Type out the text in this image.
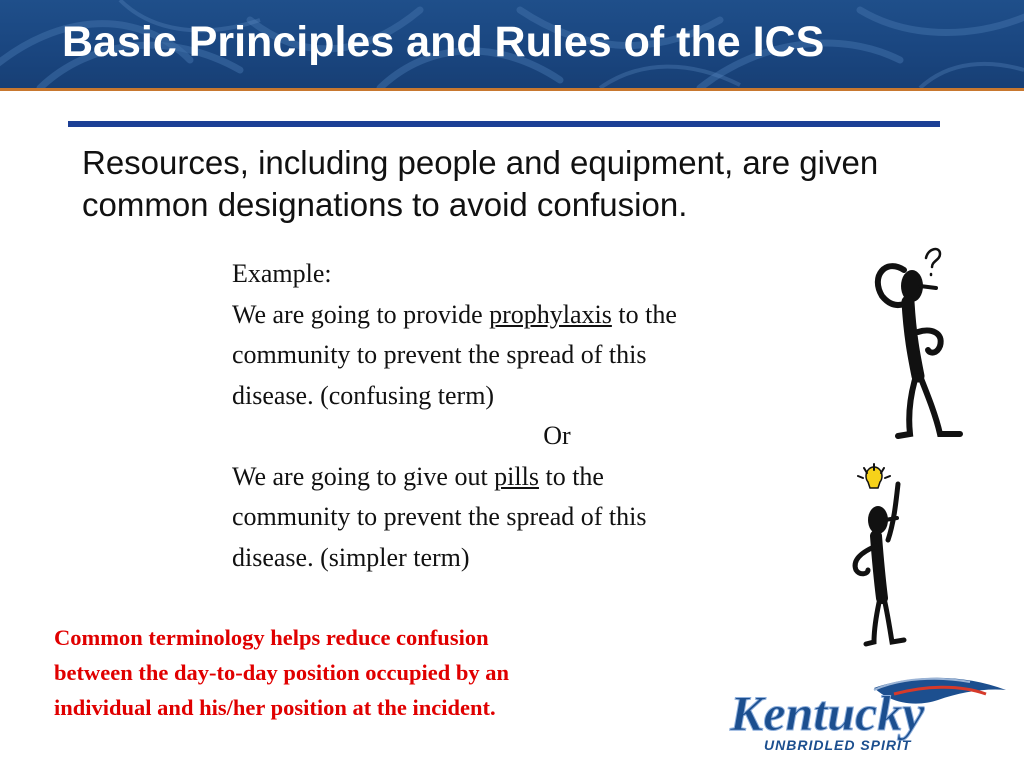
Basic Principles and Rules of the ICS
Resources, including people and equipment, are given common designations to avoid confusion.
Example:
We are going to provide prophylaxis to the
community to prevent the spread of this
disease. (confusing term)
Or
We are going to give out pills to the
community to prevent the spread of this
disease. (simpler term)
Common terminology helps reduce confusion
between the day-to-day position occupied by an
individual and his/her position at the incident.	Kentucky
UNBRIDLED SPIRIT
